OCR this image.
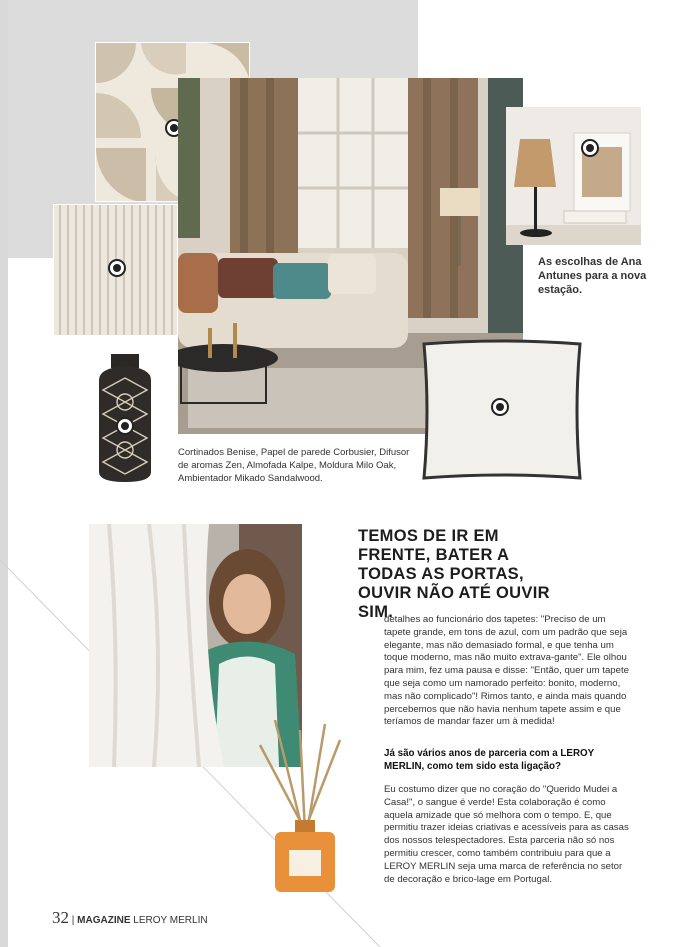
As escolhas de Ana Antunes para a nova estação.
Cortinados Benise, Papel de parede Corbusier, Difusor de aromas Zen, Almofada Kalpe, Moldura Milo Oak, Ambientador Mikado Sandalwood.
TEMOS DE IR EM FRENTE, BATER A TODAS AS PORTAS, OUVIR NÃO ATÉ OUVIR SIM.
detalhes ao funcionário dos tapetes: "Preciso de um tapete grande, em tons de azul, com um padrão que seja elegante, mas não demasiado formal, e que tenha um toque moderno, mas não muito extrava-gante". Ele olhou para mim, fez uma pausa e disse: "Então, quer um tapete que seja como um namorado perfeito: bonito, moderno, mas não complicado"! Rimos tanto, e ainda mais quando percebemos que não havia nenhum tapete assim e que teríamos de mandar fazer um à medida!
Já são vários anos de parceria com a LEROY MERLIN, como tem sido esta ligação?
Eu costumo dizer que no coração do "Querido Mudei a Casa!", o sangue é verde! Esta colaboração é como aquela amizade que só melhora com o tempo. E, que permitiu trazer ideias criativas e acessíveis para as casas dos nossos telespectadores. Esta parceria não só nos permitiu crescer, como também contribuiu para que a LEROY MERLIN seja uma marca de referência no setor de decoração e brico-lage em Portugal.
32 | MAGAZINE LEROY MERLIN
